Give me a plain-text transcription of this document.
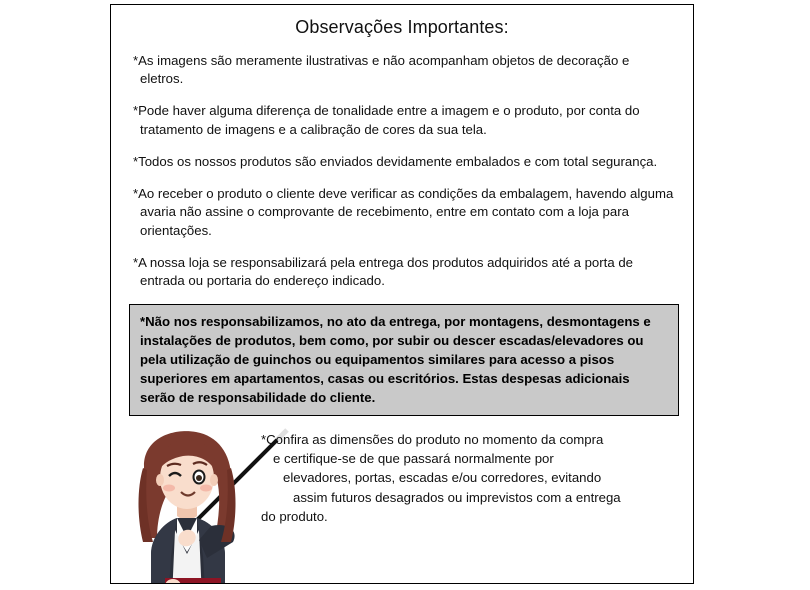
Observações Importantes:

*As imagens são meramente ilustrativas e não acompanham objetos de decoração e eletros.

*Pode haver alguma diferença de tonalidade entre a imagem e o produto, por conta do tratamento de imagens e a calibração de cores da sua tela.

*Todos os nossos produtos são enviados devidamente embalados e com total segurança.

*Ao receber o produto o cliente deve verificar as condições da embalagem, havendo alguma avaria não assine o comprovante de recebimento, entre em contato com a loja para orientações.

*A nossa loja se responsabilizará pela entrega dos produtos adquiridos até a porta de entrada ou portaria do endereço indicado.

*Não nos responsabilizamos, no ato da entrega, por montagens, desmontagens e instalações de produtos, bem como, por subir ou descer escadas/elevadores ou pela utilização de guinchos ou equipamentos similares para acesso a pisos superiores em apartamentos, casas ou escritórios. Estas despesas adicionais serão de responsabilidade do cliente.

*Confira as dimensões do produto no momento da compra
e certifique-se de que passará normalmente por
elevadores, portas, escadas e/ou corredores, evitando
assim futuros desagrados ou imprevistos com a entrega
do produto.
